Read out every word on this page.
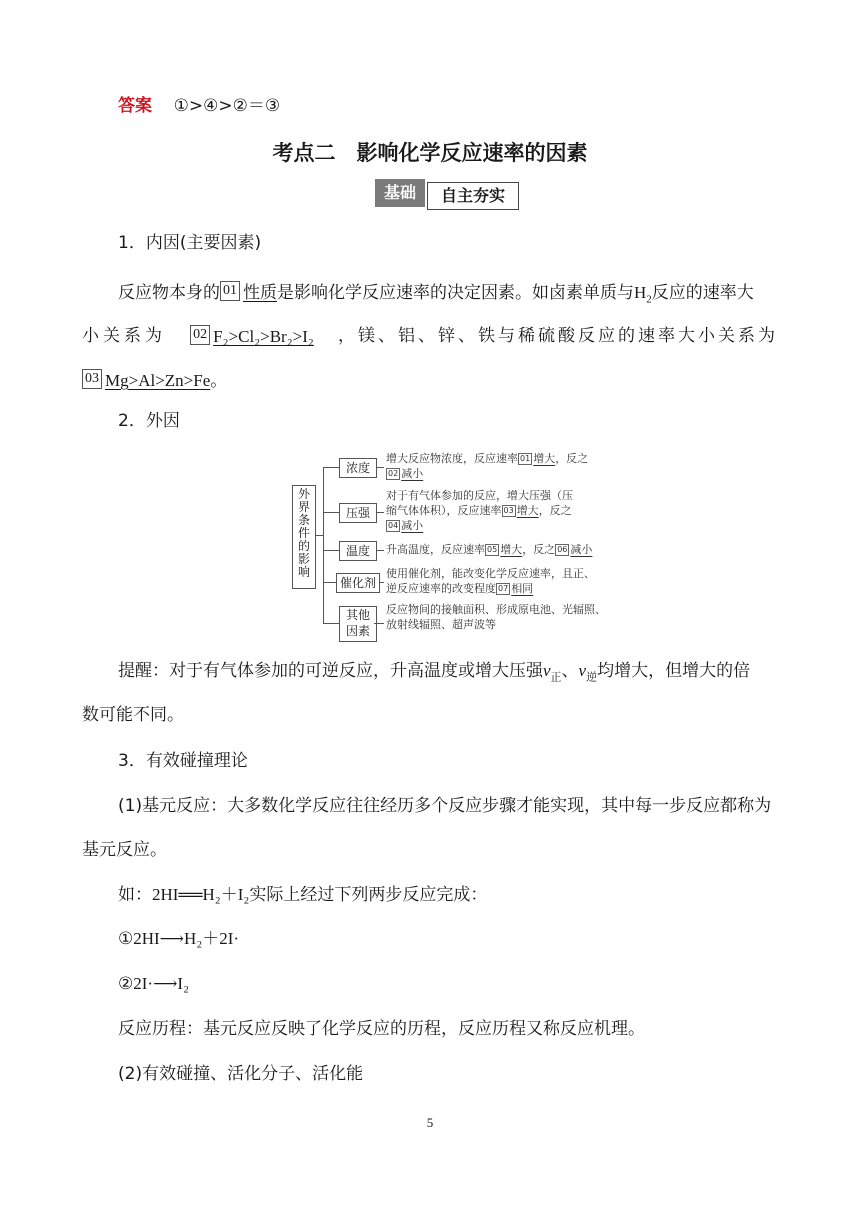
答案 ①>④>②＝③
考点二　影响化学反应速率的因素
基础	自主夯实
1．内因(主要因素)
反应物本身的 01 性质是影响化学反应速率的决定因素。如卤素单质与$H_2$反应的速率大
小关系为 02 F₂>Cl₂>Br₂>I₂ ，镁、铝、锌、铁与稀硫酸反应的速率大小关系为
03 Mg>Al>Zn>Fe。
2．外因
外界条件的影响
浓度
压强
温度
催化剂
其他因素
增大反应物浓度，反应速率 01 增大，反之
02 减小
对于有气体参加的反应，增大压强（压
缩气体体积），反应速率 03 增大，反之
04 减小
升高温度，反应速率 05 增大，反之 06 减小
使用催化剂，能改变化学反应速率，且正、
逆反应速率的改变程度 07 相同
反应物间的接触面积、形成原电池、光辐照、
放射线辐照、超声波等
提醒：对于有气体参加的可逆反应，升高温度或增大压强$v_正$、$v_逆$均增大，但增大的倍
数可能不同。
3．有效碰撞理论
(1)基元反应：大多数化学反应往往经历多个反应步骤才能实现，其中每一步反应都称为
基元反应。
如：2HI══H₂＋I₂实际上经过下列两步反应完成：
①2HI⟶H₂＋2I·
②2I·⟶I₂
反应历程：基元反应反映了化学反应的历程，反应历程又称反应机理。
(2)有效碰撞、活化分子、活化能
5
